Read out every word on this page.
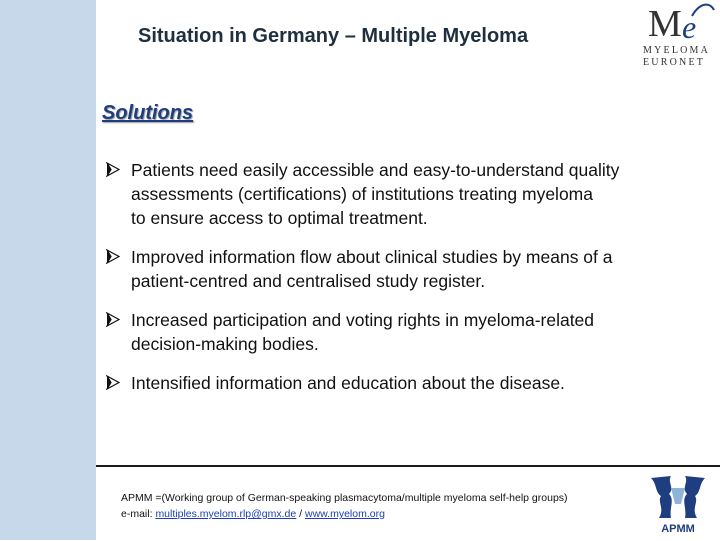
Situation in Germany – Multiple Myeloma	M e
MYELOMA
EURONET
Solutions
Patients need easily accessible and easy-to-understand quality
assessments (certifications) of institutions treating myeloma
to ensure access to optimal treatment.
Improved information flow about clinical studies by means of a
patient-centred and centralised study register.
Increased participation and voting rights in myeloma-related
decision-making bodies.
Intensified information and education about the disease.
APMM =(Working group of German-speaking plasmacytoma/multiple myeloma self-help groups)
e-mail: multiples.myelom.rlp@gmx.de / www.myelom.org
APMM
